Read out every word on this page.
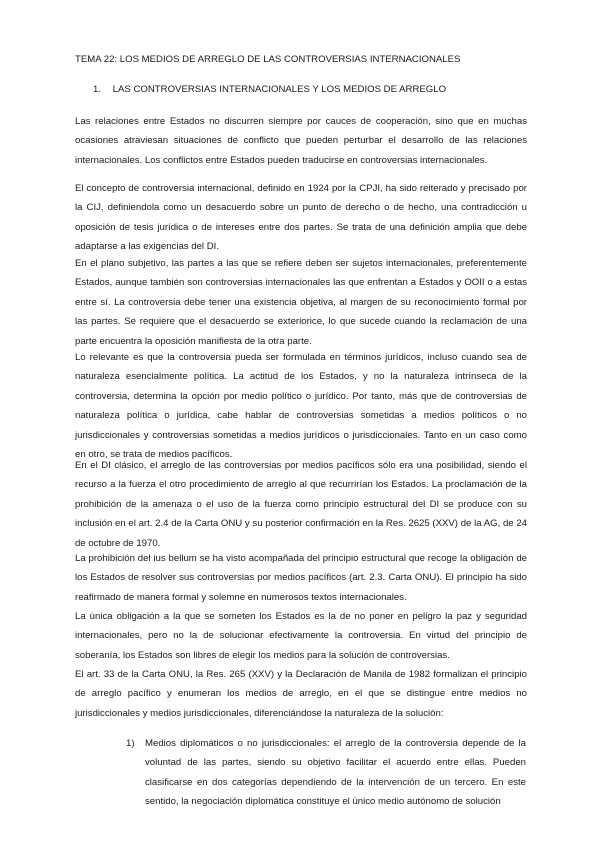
TEMA 22: LOS MEDIOS DE ARREGLO DE LAS CONTROVERSIAS INTERNACIONALES
1. LAS CONTROVERSIAS INTERNACIONALES Y LOS MEDIOS DE ARREGLO

Las relaciones entre Estados no discurren siempre por cauces de cooperación, sino que en muchas ocasiones atraviesan situaciones de conflicto que pueden perturbar el desarrollo de las relaciones internacionales. Los conflictos entre Estados pueden traducirse en controversias internacionales.

El concepto de controversia internacional, definido en 1924 por la CPJI, ha sido reiterado y precisado por la CIJ, definiendola como un desacuerdo sobre un punto de derecho o de hecho, una contradicción u oposición de tesis jurídica o de intereses entre dos partes. Se trata de una definición amplia que debe adaptarse a las exigencias del DI.

En el plano subjetivo, las partes a las que se refiere deben ser sujetos internacionales, preferentemente Estados, aunque también son controversias internacionales las que enfrentan a Estados y OOII o a estas entre sí. La controversia debe tener una existencia objetiva, al margen de su reconocimiento formal por las partes. Se requiere que el desacuerdo se exteriorice, lo que sucede cuando la reclamación de una parte encuentra la oposición manifiesta de la otra parte.

Lo relevante es que la controversia pueda ser formulada en términos jurídicos, incluso cuando sea de naturaleza esencialmente política. La actitud de los Estados, y no la naturaleza intrínseca de la controversia, determina la opción por medio político o jurídico. Por tanto, más que de controversias de naturaleza política o jurídica, cabe hablar de controversias sometidas a medios políticos o no jurisdiccionales y controversias sometidas a medios jurídicos o jurisdiccionales. Tanto en un caso como en otro, se trata de medios pacíficos.

En el DI clásico, el arreglo de las controversias por medios pacíficos sólo era una posibilidad, siendo el recurso a la fuerza el otro procedimiento de arreglo al que recurrirían los Estados. La proclamación de la prohibición de la amenaza o el uso de la fuerza como principio estructural del DI se produce con su inclusión en el art. 2.4 de la Carta ONU y su posterior confirmación en la Res. 2625 (XXV) de la AG, de 24 de octubre de 1970.

La prohibición del ius bellum se ha visto acompañada del principio estructural que recoge la obligación de los Estados de resolver sus controversias por medios pacíficos (art. 2.3. Carta ONU). El principio ha sido reafirmado de manera formal y solemne en numerosos textos internacionales.

La única obligación a la que se someten los Estados es la de no poner en peligro la paz y seguridad internacionales, pero no la de solucionar efectivamente la controversia. En virtud del principio de soberanía, los Estados son libres de elegir los medios para la solución de controversias.

El art. 33 de la Carta ONU, la Res. 265 (XXV) y la Declaración de Manila de 1982 formalizan el principio de arreglo pacífico y enumeran los medios de arreglo, en el que se distingue entre medios no jurisdiccionales y medios jurisdiccionales, diferenciándose la naturaleza de la solución:

1) Medios diplomáticos o no jurisdiccionales: el arreglo de la controversia depende de la voluntad de las partes, siendo su objetivo facilitar el acuerdo entre ellas. Pueden clasificarse en dos categorías dependiendo de la intervención de un tercero. En este sentido, la negociación diplomática constituye el único medio autónomo de solución
